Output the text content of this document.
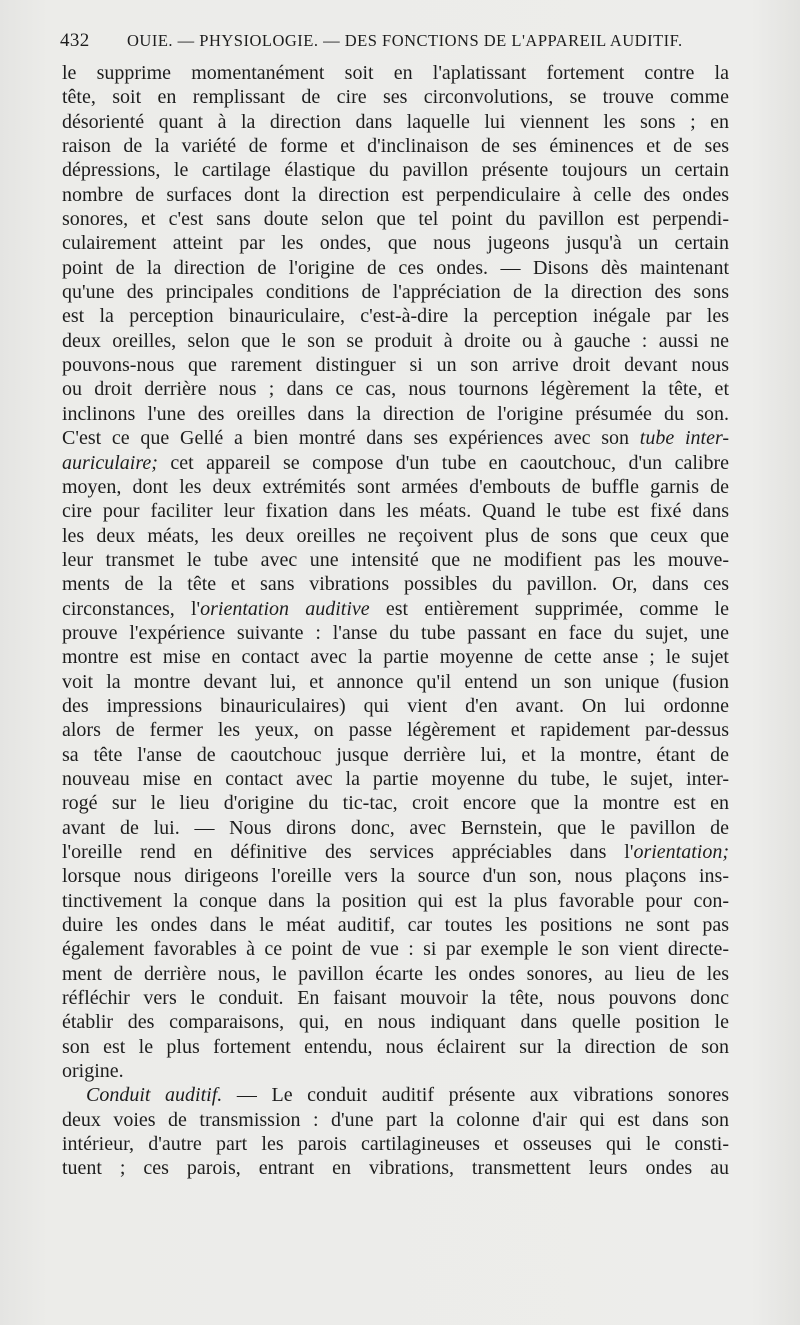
432 OUIE. — PHYSIOLOGIE. — DES FONCTIONS DE L'APPAREIL AUDITIF.
le supprime momentanément soit en l'aplatissant fortement contre la
tête, soit en remplissant de cire ses circonvolutions, se trouve comme
désorienté quant à la direction dans laquelle lui viennent les sons ; en
raison de la variété de forme et d'inclinaison de ses éminences et de ses
dépressions, le cartilage élastique du pavillon présente toujours un certain
nombre de surfaces dont la direction est perpendiculaire à celle des ondes
sonores, et c'est sans doute selon que tel point du pavillon est perpendi-
culairement atteint par les ondes, que nous jugeons jusqu'à un certain
point de la direction de l'origine de ces ondes. — Disons dès maintenant
qu'une des principales conditions de l'appréciation de la direction des sons
est la perception binauriculaire, c'est-à-dire la perception inégale par les
deux oreilles, selon que le son se produit à droite ou à gauche : aussi ne
pouvons-nous que rarement distinguer si un son arrive droit devant nous
ou droit derrière nous ; dans ce cas, nous tournons légèrement la tête, et
inclinons l'une des oreilles dans la direction de l'origine présumée du son.
C'est ce que Gellé a bien montré dans ses expériences avec son tube inter-
auriculaire; cet appareil se compose d'un tube en caoutchouc, d'un calibre
moyen, dont les deux extrémités sont armées d'embouts de buffle garnis de
cire pour faciliter leur fixation dans les méats. Quand le tube est fixé dans
les deux méats, les deux oreilles ne reçoivent plus de sons que ceux que
leur transmet le tube avec une intensité que ne modifient pas les mouve-
ments de la tête et sans vibrations possibles du pavillon. Or, dans ces
circonstances, l'orientation auditive est entièrement supprimée, comme le
prouve l'expérience suivante : l'anse du tube passant en face du sujet, une
montre est mise en contact avec la partie moyenne de cette anse ; le sujet
voit la montre devant lui, et annonce qu'il entend un son unique (fusion
des impressions binauriculaires) qui vient d'en avant. On lui ordonne
alors de fermer les yeux, on passe légèrement et rapidement par-dessus
sa tête l'anse de caoutchouc jusque derrière lui, et la montre, étant de
nouveau mise en contact avec la partie moyenne du tube, le sujet, inter-
rogé sur le lieu d'origine du tic-tac, croit encore que la montre est en
avant de lui. — Nous dirons donc, avec Bernstein, que le pavillon de
l'oreille rend en définitive des services appréciables dans l'orientation;
lorsque nous dirigeons l'oreille vers la source d'un son, nous plaçons ins-
tinctivement la conque dans la position qui est la plus favorable pour con-
duire les ondes dans le méat auditif, car toutes les positions ne sont pas
également favorables à ce point de vue : si par exemple le son vient directe-
ment de derrière nous, le pavillon écarte les ondes sonores, au lieu de les
réfléchir vers le conduit. En faisant mouvoir la tête, nous pouvons donc
établir des comparaisons, qui, en nous indiquant dans quelle position le
son est le plus fortement entendu, nous éclairent sur la direction de son
origine.
Conduit auditif. — Le conduit auditif présente aux vibrations sonores
deux voies de transmission : d'une part la colonne d'air qui est dans son
intérieur, d'autre part les parois cartilagineuses et osseuses qui le consti-
tuent ; ces parois, entrant en vibrations, transmettent leurs ondes au
